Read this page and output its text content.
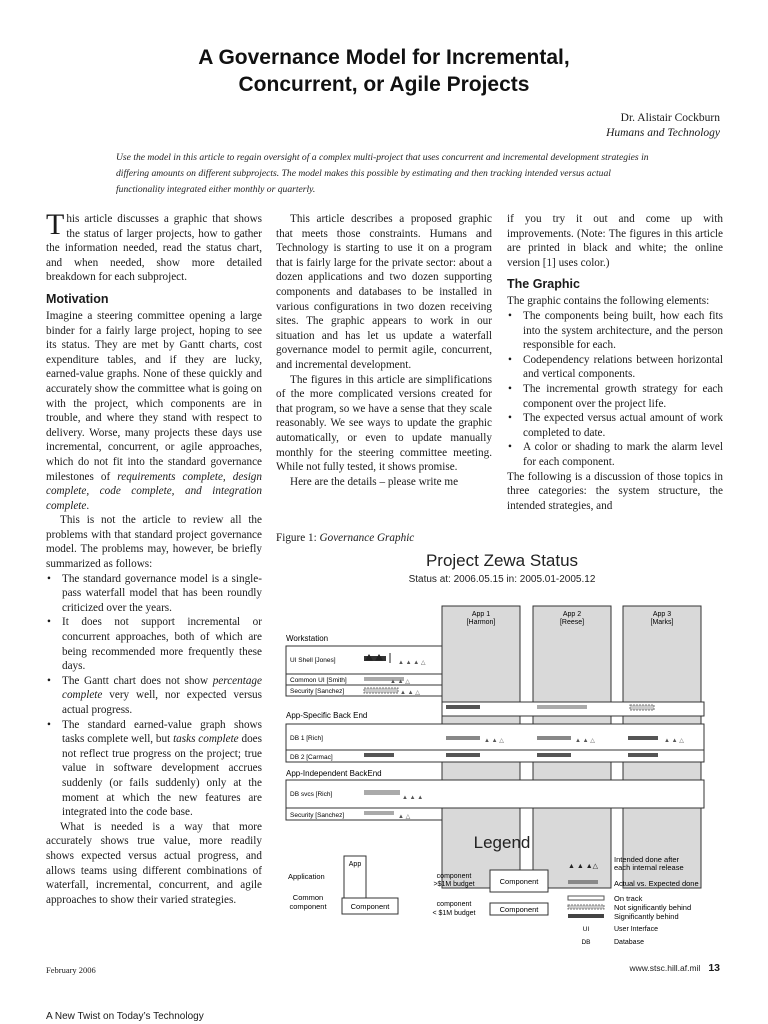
A Governance Model for Incremental,
Concurrent, or Agile Projects
Dr. Alistair Cockburn
Humans and Technology
Use the model in this article to regain oversight of a complex multi-project that uses concurrent and incremental development strategies in differing amounts on different subprojects. The model makes this possible by estimating and then tracking intended versus actual functionality integrated either monthly or quarterly.

This article discusses a graphic that shows the status of larger projects, how to gather the information needed, read the status chart, and when needed, show more detailed breakdown for each subproject.

Motivation

Imagine a steering committee opening a large binder for a fairly large project, hoping to see its status. They are met by Gantt charts, cost expenditure tables, and if they are lucky, earned-value graphs. None of these quickly and accurately show the committee what is going on with the project, which components are in trouble, and where they stand with respect to delivery. Worse, many projects these days use incremental, concurrent, or agile approaches, which do not fit into the standard governance milestones of requirements complete, design complete, code complete, and integration complete.

This is not the article to review all the problems with that standard project governance model. The problems may, however, be briefly summarized as follows:

• The standard governance model is a single-pass waterfall model that has been roundly criticized over the years.
• It does not support incremental or concurrent approaches, both of which are being recommended more frequently these days.
• The Gantt chart does not show percentage complete very well, nor expected versus actual progress.
• The standard earned-value graph shows tasks complete well, but tasks complete does not reflect true progress on the project; true value in software development accrues suddenly (or fails suddenly) only at the moment at which the new features are integrated into the code base.

What is needed is a way that more accurately shows true value, more readily shows expected versus actual progress, and allows teams using different combinations of waterfall, incremental, concurrent, and agile approaches to show their varied strategies.

This article describes a proposed graphic that meets those constraints. Humans and Technology is starting to use it on a program that is fairly large for the private sector: about a dozen applications and two dozen supporting components and databases to be installed in various configurations in two dozen receiving sites. The graphic appears to work in our situation and has let us update a waterfall governance model to permit agile, concurrent, and incremental development.

The figures in this article are simplifications of the more complicated versions created for that program, so we have a sense that they scale reasonably. We see ways to update the graphic automatically, or even to update manually monthly for the steering committee meeting. While not fully tested, it shows promise.

Here are the details – please write me

if you try it out and come up with improvements. (Note: The figures in this article are printed in black and white; the online version [1] uses color.)

The Graphic

The graphic contains the following elements:

• The components being built, how each fits into the system architecture, and the person responsible for each.
• Codependency relations between horizontal and vertical components.
• The incremental growth strategy for each component over the project life.
• The expected versus actual amount of work completed to date.
• A color or shading to mark the alarm level for each component.

The following is a discussion of those topics in three categories: the system structure, the intended strategies, and

Figure 1: Governance Graphic
Project Zewa Status
Status at: 2006.05.15 in: 2005.01-2005.12
App 1
[Harmon]
App 2
[Reese]
App 3
[Marks]
Workstation
App-Specific Back End
App-Independent BackEnd
UI Shell [Jones]	▲ ▲ ▲ △
Common UI [Smith]	▲ ▲ △
Security [Sanchez]	▲ ▲ △
DB 1 [Rich]	▲ ▲ △	▲ ▲ △	▲ ▲ △
DB 2 [Carmac]
DB svcs [Rich]	▲ ▲ ▲
Security [Sanchez]	▲ △
Legend
App
Application
Common
component	Component
component
>$1M budget	Component
component
< $1M budget	Component
▲ ▲ ▲△
Intended done after
each internal release
Actual vs. Expected done
On track
Not significantly behind
Significantly behind
UI	User Interface
DB	Database
February 2006	www.stsc.hill.af.mil 13
A New Twist on Today’s Technology
